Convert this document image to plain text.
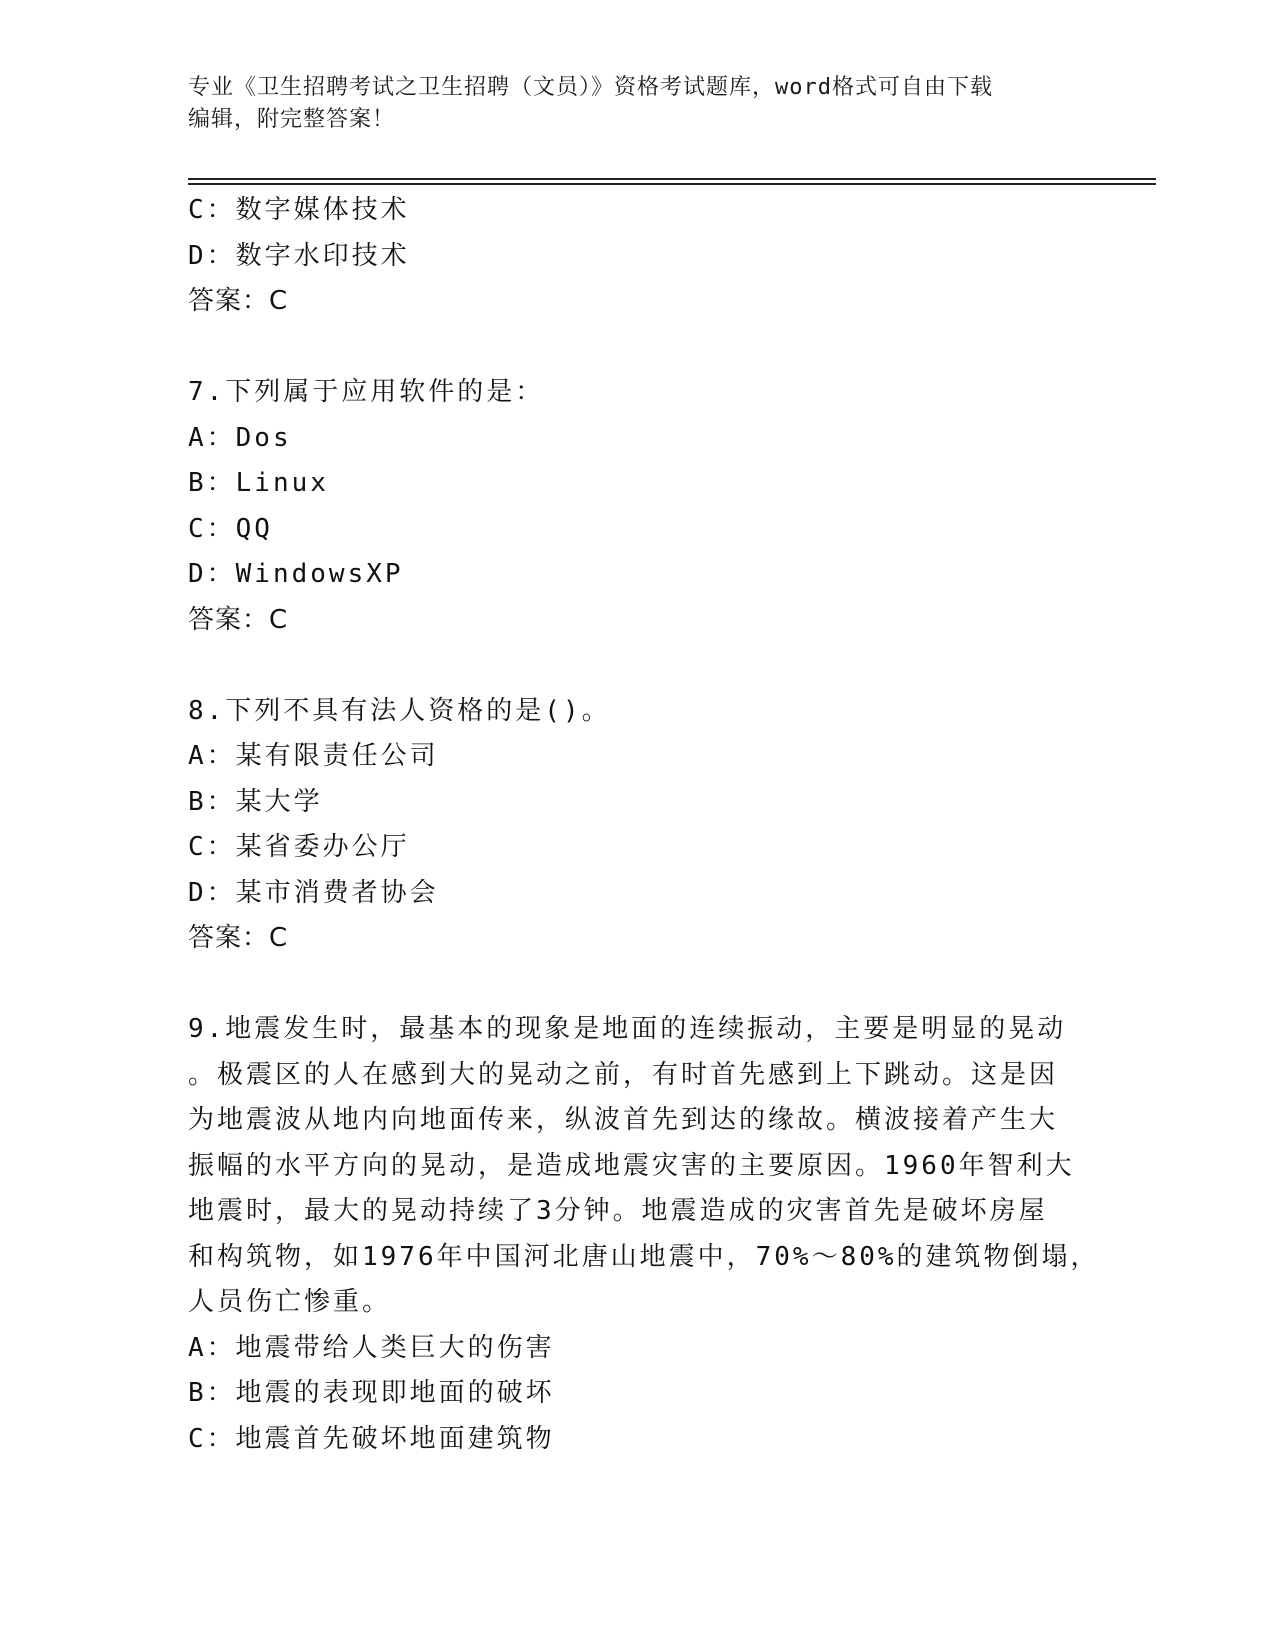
专业《卫生招聘考试之卫生招聘（文员）》资格考试题库，word格式可自由下载
编辑，附完整答案！
C：数字媒体技术
D：数字水印技术
答案：C
7.下列属于应用软件的是：
A：Dos
B：Linux
C：QQ
D：WindowsXP
答案：C
8.下列不具有法人资格的是()。
A：某有限责任公司
B：某大学
C：某省委办公厅
D：某市消费者协会
答案：C
9.地震发生时，最基本的现象是地面的连续振动，主要是明显的晃动
。极震区的人在感到大的晃动之前，有时首先感到上下跳动。这是因
为地震波从地内向地面传来，纵波首先到达的缘故。横波接着产生大
振幅的水平方向的晃动，是造成地震灾害的主要原因。1960年智利大
地震时，最大的晃动持续了3分钟。地震造成的灾害首先是破坏房屋
和构筑物，如1976年中国河北唐山地震中，70%～80%的建筑物倒塌，
人员伤亡惨重。
A：地震带给人类巨大的伤害
B：地震的表现即地面的破坏
C：地震首先破坏地面建筑物
